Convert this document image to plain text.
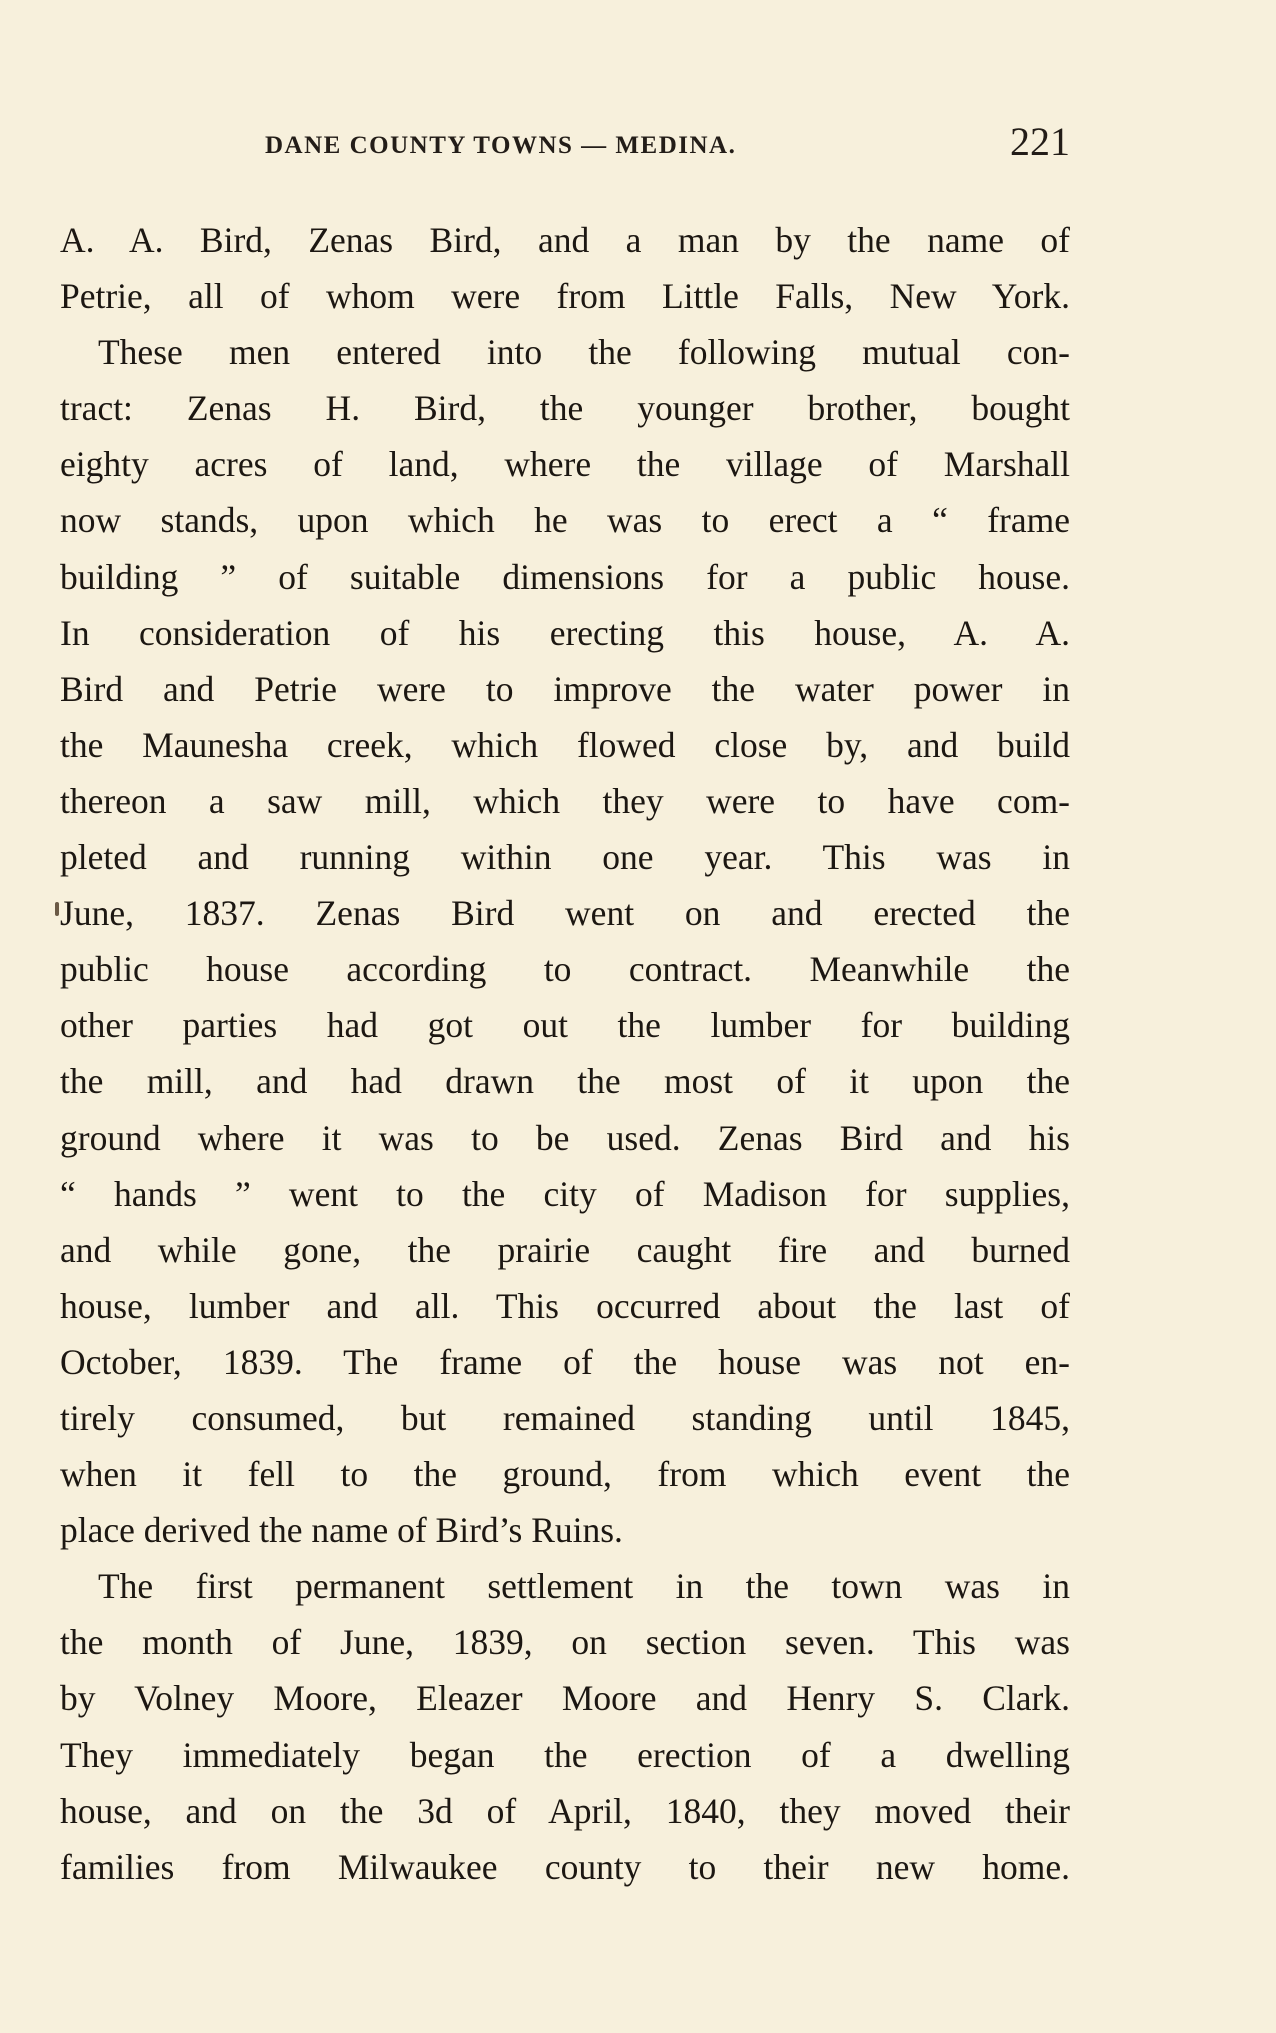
DANE COUNTY TOWNS — MEDINA.	221
A. A. Bird, Zenas Bird, and a man by the name of
Petrie, all of whom were from Little Falls, New York.
These men entered into the following mutual con-
tract: Zenas H. Bird, the younger brother, bought
eighty acres of land, where the village of Marshall
now stands, upon which he was to erect a “ frame
building ” of suitable dimensions for a public house.
In consideration of his erecting this house, A. A.
Bird and Petrie were to improve the water power in
the Maunesha creek, which flowed close by, and build
thereon a saw mill, which they were to have com-
pleted and running within one year. This was in
June, 1837. Zenas Bird went on and erected the
public house according to contract. Meanwhile the
other parties had got out the lumber for building
the mill, and had drawn the most of it upon the
ground where it was to be used. Zenas Bird and his
“ hands ” went to the city of Madison for supplies,
and while gone, the prairie caught fire and burned
house, lumber and all. This occurred about the last of
October, 1839. The frame of the house was not en-
tirely consumed, but remained standing until 1845,
when it fell to the ground, from which event the
place derived the name of Bird’s Ruins.
The first permanent settlement in the town was in
the month of June, 1839, on section seven. This was
by Volney Moore, Eleazer Moore and Henry S. Clark.
They immediately began the erection of a dwelling
house, and on the 3d of April, 1840, they moved their
families from Milwaukee county to their new home.
